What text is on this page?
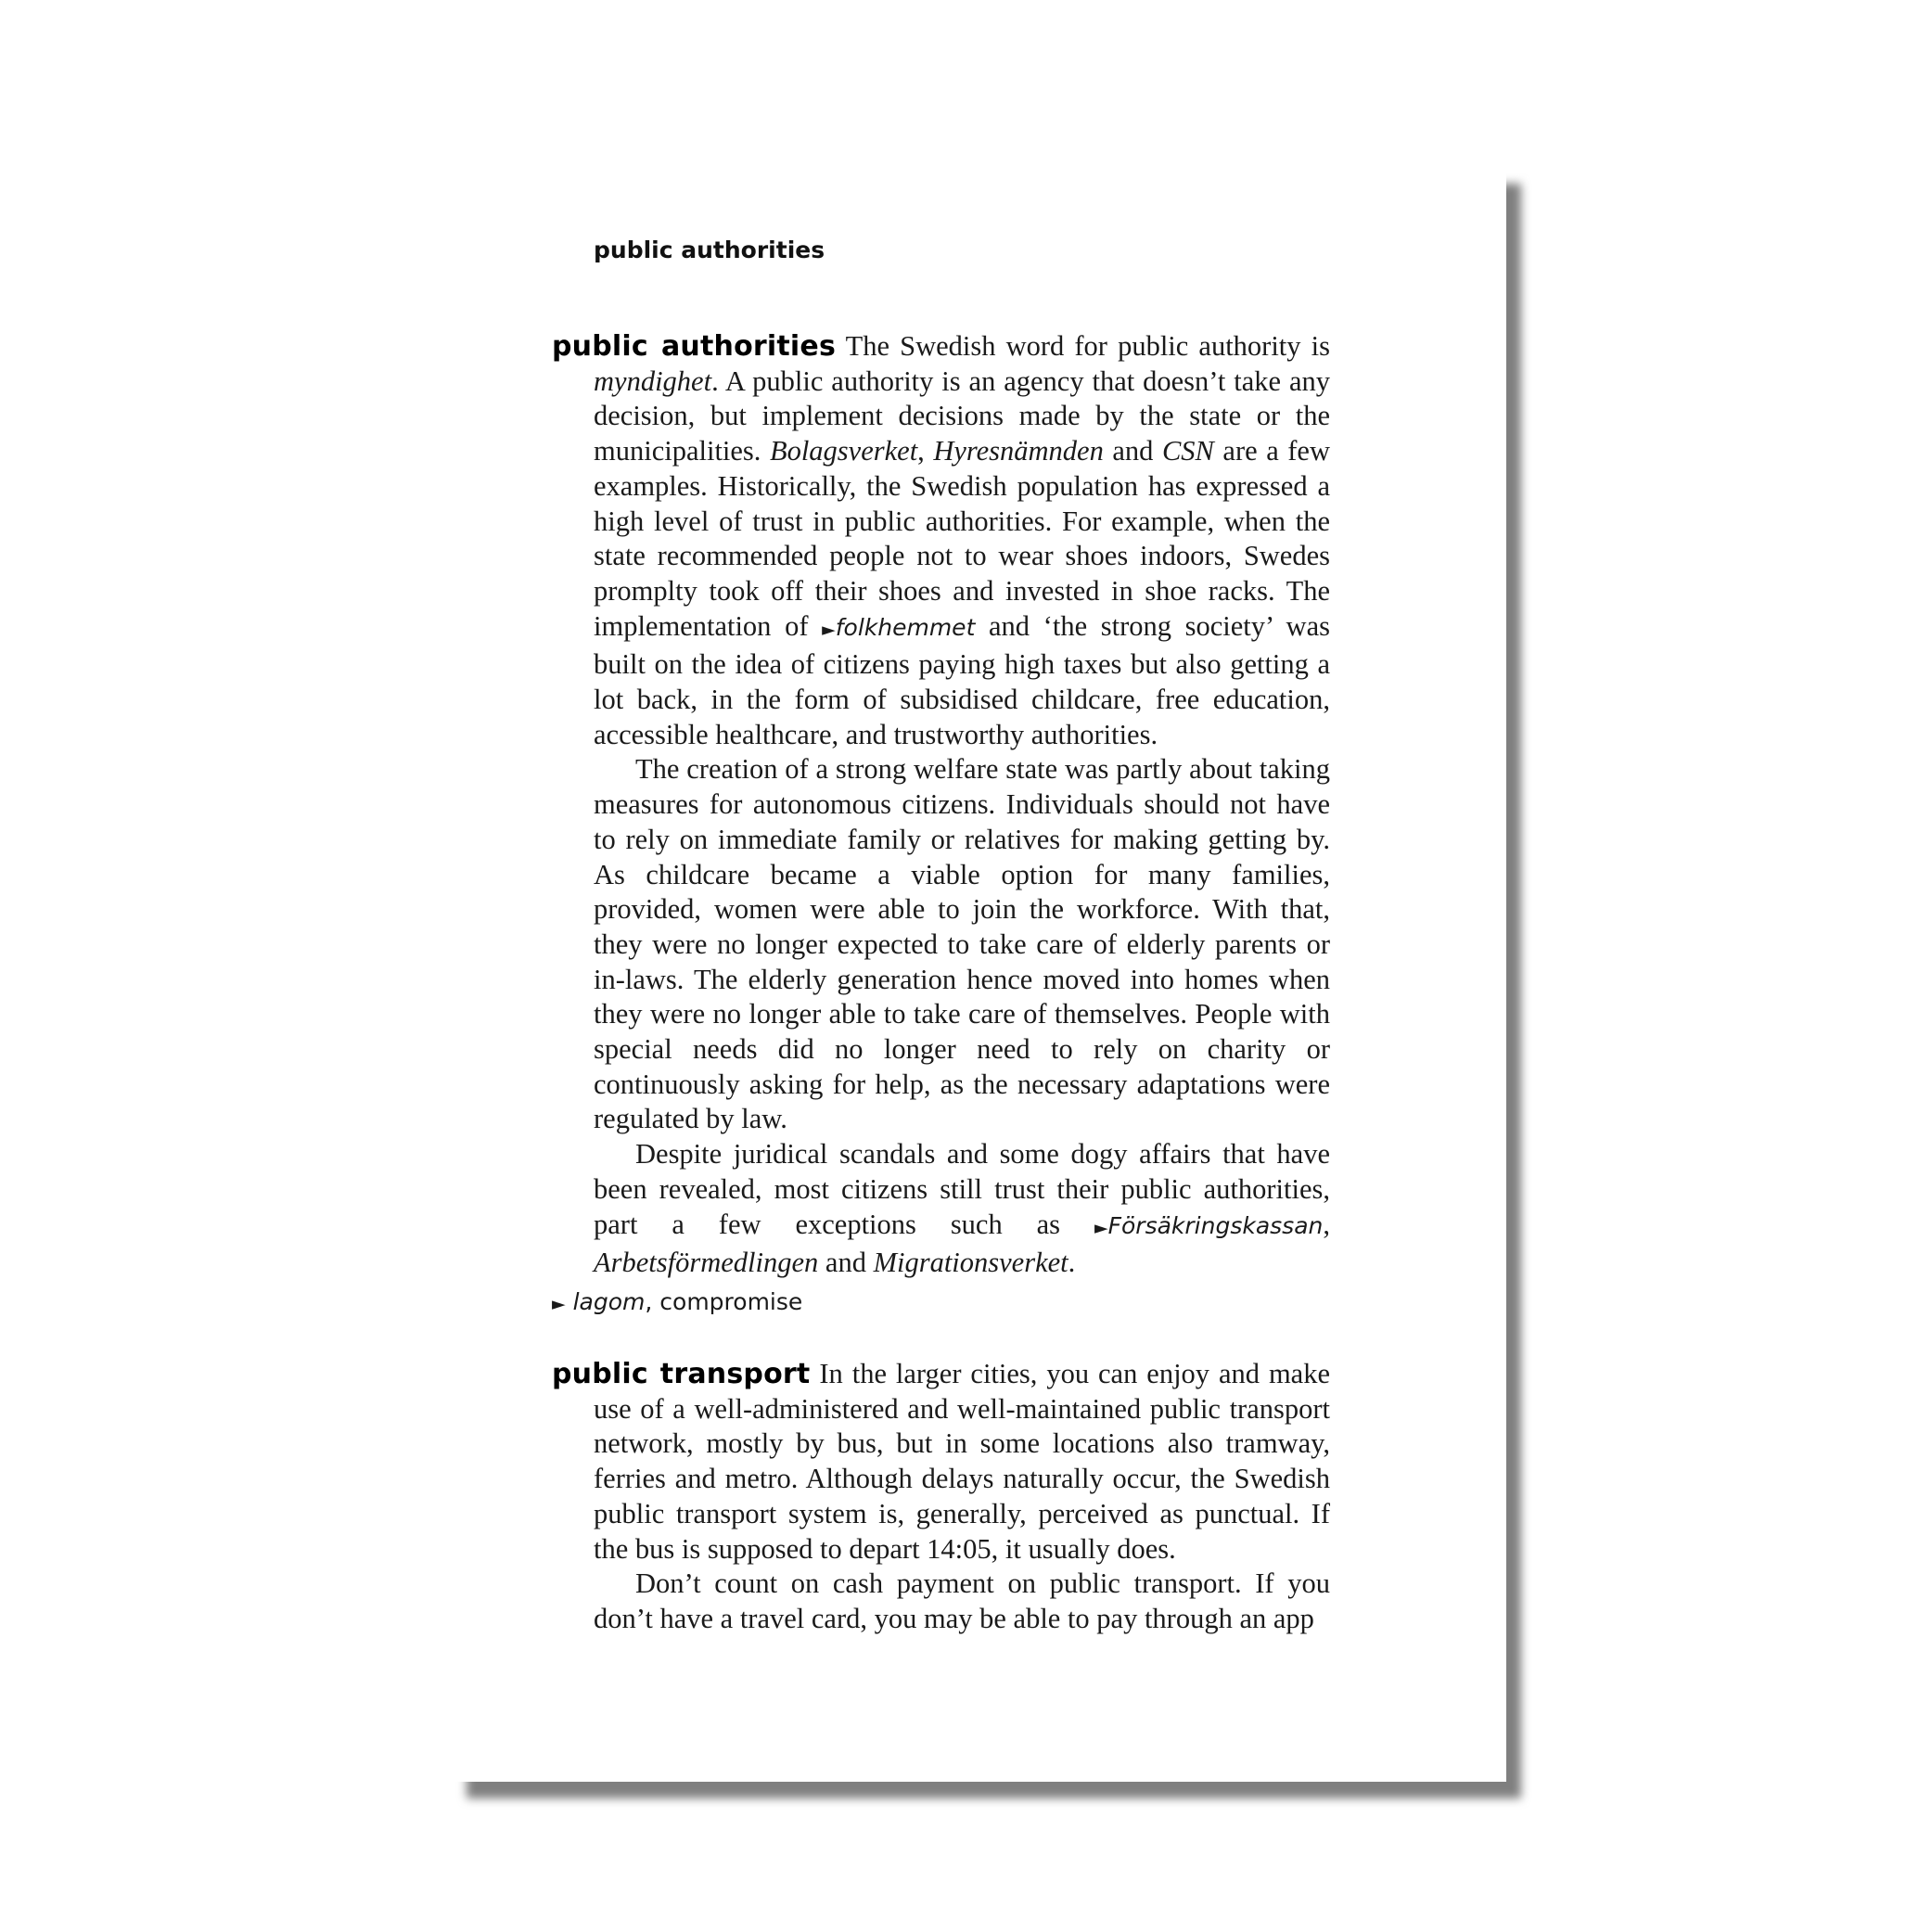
public authorities

public authorities The Swedish word for public authority is myndighet. A public authority is an agency that doesn’t take any decision, but implement decisions made by the state or the municipalities. Bolagsverket, Hyresnämnden and CSN are a few examples. Historically, the Swedish population has expressed a high level of trust in public authorities. For example, when the state recommended people not to wear shoes indoors, Swedes promplty took off their shoes and invested in shoe racks. The implementation of ►folkhemmet and ‘the strong society’ was built on the idea of citizens paying high taxes but also getting a lot back, in the form of subsidised childcare, free education, accessible healthcare, and trustworthy authorities.

The creation of a strong welfare state was partly about taking measures for autonomous citizens. Individuals should not have to rely on immediate family or relatives for making getting by. As childcare became a viable option for many families, provided, women were able to join the workforce. With that, they were no longer expected to take care of elderly parents or in-laws. The elderly generation hence moved into homes when they were no longer able to take care of themselves. People with special needs did no longer need to rely on charity or continuously asking for help, as the necessary adaptations were regulated by law.

Despite juridical scandals and some dogy affairs that have been revealed, most citizens still trust their public authorities, part a few exceptions such as ►Försäkringskassan, Arbetsförmedlingen and Migrationsverket.

► lagom, compromise

public transport In the larger cities, you can enjoy and make use of a well-administered and well-maintained public transport network, mostly by bus, but in some locations also tramway, ferries and metro. Although delays naturally occur, the Swedish public transport system is, generally, perceived as punctual. If the bus is supposed to depart 14:05, it usually does.

Don’t count on cash payment on public transport. If you don’t have a travel card, you may be able to pay through an app
